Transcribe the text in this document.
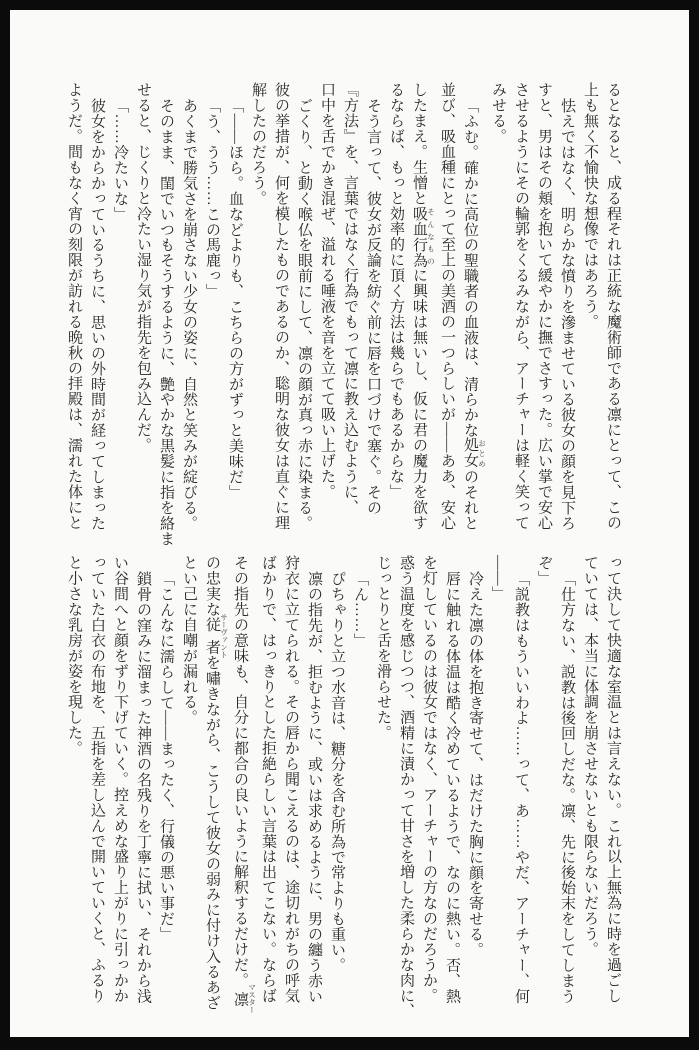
るとなると、成る程それは正統な魔術師である凛にとって、この
上も無く不愉快な想像ではあろう。
怯えではなく、明らかな憤りを滲ませている彼女の顔を見下ろ
すと、男はその頬を抱いて緩やかに撫でさすった。広い掌で安心
させるようにその輪郭をくるみながら、アーチャーは軽く笑って
みせる。
「ふむ。確かに高位の聖職者の血液は、清らかな処女 おとめのそれと
並び、吸血種にとって至上の美酒の一つらしいが――ああ、安心
したまえ。生憎と吸血行為 そんなものに興味は無いし、仮に君の魔力を欲す
るならば、もっと効率的に頂く方法は幾らでもあるからな」
そう言って、彼女が反論を紡ぐ前に唇を口づけで塞ぐ。その
『方法』を、言葉ではなく行為でもって凛に教え込むように、
口中を舌でかき混ぜ、溢れる唾液を音を立てて吸い上げた。
ごくり、と動く喉仏を眼前にして、凛の顔が真っ赤に染まる。
彼の挙措が、何を模したものであるのか、聡明な彼女は直ぐに理
解したのだろう。
「――ほら。血などよりも、こちらの方がずっと美味だ」
「う、うう……この馬鹿っ」
あくまで勝気さを崩さない少女の姿に、自然と笑みが綻びる。
そのまま、閨でいつもそうするように、艶やかな黒髪に指を絡ま
せると、じくりと冷たい湿り気が指先を包み込んだ。
「……冷たいな」
彼女をからかっているうちに、思いの外時間が経ってしまった
ようだ。間もなく宵の刻限が訪れる晩秋の拝殿は、濡れた体にと
って決して快適な室温とは言えない。これ以上無為に時を過ごし
ていては、本当に体調を崩させないとも限らないだろう。
「仕方ない、説教は後回しだな。凛、先に後始末をしてしまう
ぞ」
「説教はもういいわよ……って、あ……やだ、アーチャー、何
――」
冷えた凛の体を抱き寄せて、はだけた胸に顔を寄せる。
唇に触れる体温は酷く冷めているようで、なのに熱い。否、熱
を灯しているのは彼女ではなく、アーチャーの方なのだろうか。
惑う温度を感じつつ、酒精に漬かって甘さを増した柔らかな肉に、
じっとりと舌を滑らせた。
「ん……」
ぴちゃりと立つ水音は、糖分を含む所為で常よりも重い。
凛の指先が、拒むように、或いは求めるように、男の纏う赤い
狩衣に立てられる。その唇から聞こえるのは、途切れがちの呼気
ばかりで、はっきりとした拒絶らしい言葉は出てこない。ならば
その指先の意味も、自分に都合の良いように解釈するだけだ。凛 マスター
の忠実な従者 サーヴァントを嘯きながら、こうして彼女の弱みに付け入るあざ
とい己に自嘲が漏れる。
「こんなに濡らして――まったく、行儀の悪い事だ」
鎖骨の窪みに溜まった神酒の名残りを丁寧に拭い、それから浅
い谷間へと顔をずり下げていく。控えめな盛り上がりに引っかか
っていた白衣の布地を、五指を差し込んで開いていくと、ふるり
と小さな乳房が姿を現した。
